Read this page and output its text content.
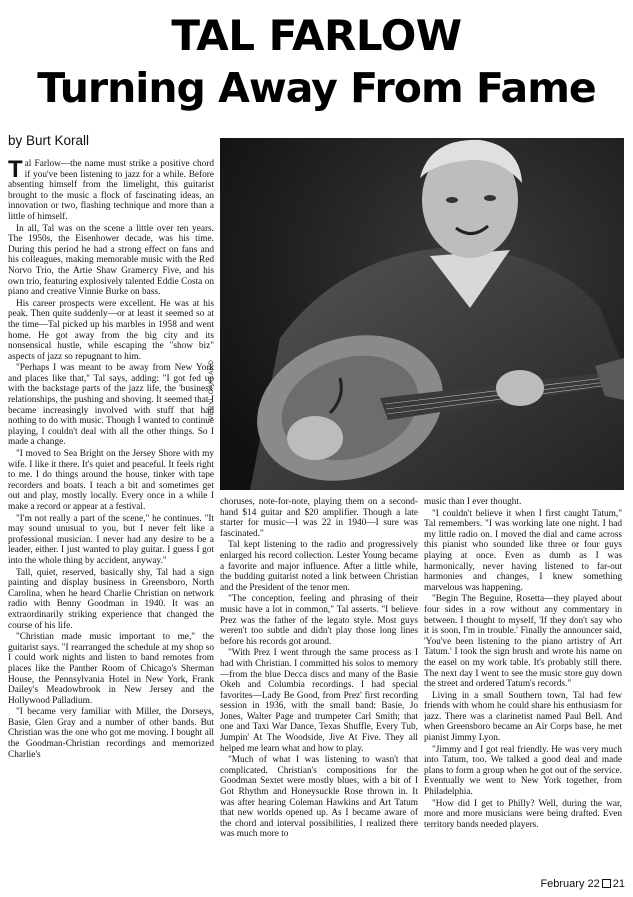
TAL FARLOW
Turning Away From Fame
by Burt Korall

Tal Farlow—the name must strike a positive chord if you've been listening to jazz for a while. Before absenting himself from the limelight, this guitarist brought to the music a flock of fascinating ideas, an innovation or two, flashing technique and more than a little of himself.

In all, Tal was on the scene a little over ten years. The 1950s, the Eisenhower decade, was his time. During this period he had a strong effect on fans and his colleagues, making memorable music with the Red Norvo Trio, the Artie Shaw Gramercy Five, and his own trio, featuring explosively talented Eddie Costa on piano and creative Vinnie Burke on bass.

His career prospects were excellent. He was at his peak. Then quite suddenly—or at least it seemed so at the time—Tal picked up his marbles in 1958 and went home. He got away from the big city and its nonsensical hustle, while escaping the "show biz" aspects of jazz so repugnant to him.

"Perhaps I was meant to be away from New York and places like that," Tal says, adding: "I got fed up with the backstage parts of the jazz life, the 'business' relationships, the pushing and shoving. It seemed that I became increasingly involved with stuff that had nothing to do with music. Though I wanted to continue playing, I couldn't deal with all the other things. So I made a change.

"I moved to Sea Bright on the Jersey Shore with my wife. I like it there. It's quiet and peaceful. It feels right to me. I do things around the house, tinker with tape recorders and boats. I teach a bit and sometimes get out and play, mostly locally. Every once in a while I make a record or appear at a festival.

"I'm not really a part of the scene," he continues. "It may sound unusual to you, but I never felt like a professional musician. I never had any desire to be a leader, either. I just wanted to play guitar. I guess I got into the whole thing by accident, anyway."

Tall, quiet, reserved, basically shy, Tal had a sign painting and display business in Greensboro, North Carolina, when he heard Charlie Christian on network radio with Benny Goodman in 1940. It was an extraordinarily striking experience that changed the course of his life.

"Christian made music important to me," the guitarist says. "I rearranged the schedule at my shop so I could work nights and listen to band remotes from places like the Panther Room of Chicago's Sherman House, the Pennsylvania Hotel in New York, Frank Dailey's Meadowbrook in New Jersey and the Hollywood Palladium.

"I became very familiar with Miller, the Dorseys, Basie, Glen Gray and a number of other bands. But Christian was the one who got me moving. I bought all the Goodman-Christian recordings and memorized Charlie's

VERYL OAKLAND

choruses, note-for-note, playing them on a second-hand $14 guitar and $20 amplifier. Though a late starter for music—I was 22 in 1940—I sure was fascinated."

Tal kept listening to the radio and progressively enlarged his record collection. Lester Young became a favorite and major influence. After a little while, the budding guitarist noted a link between Christian and the President of the tenor men.

"The conception, feeling and phrasing of their music have a lot in common," Tal asserts. "I believe Prez was the father of the legato style. Most guys weren't too subtle and didn't play those long lines before his records got around.

"With Prez I went through the same process as I had with Christian. I committed his solos to memory—from the blue Decca discs and many of the Basie Okeh and Columbia recordings. I had special favorites—Lady Be Good, from Prez' first recording session in 1936, with the small band: Basie, Jo Jones, Walter Page and trumpeter Carl Smith; that one and Taxi War Dance, Texas Shuffle, Every Tub, Jumpin' At The Woodside, Jive At Five. They all helped me learn what and how to play.

"Much of what I was listening to wasn't that complicated. Christian's compositions for the Goodman Sextet were mostly blues, with a bit of I Got Rhythm and Honeysuckle Rose thrown in. It was after hearing Coleman Hawkins and Art Tatum that new worlds opened up. As I became aware of the chord and interval possibilities, I realized there was much more to

music than I ever thought.

"I couldn't believe it when I first caught Tatum," Tal remembers. "I was working late one night. I had my little radio on. I moved the dial and came across this pianist who sounded like three or four guys playing at once. Even as dumb as I was harmonically, never having listened to far-out harmonies and changes, I knew something marvelous was happening.

"Begin The Beguine, Rosetta—they played about four sides in a row without any commentary in between. I thought to myself, 'If they don't say who it is soon, I'm in trouble.' Finally the announcer said, 'You've been listening to the piano artistry of Art Tatum.' I took the sign brush and wrote his name on the easel on my work table. It's probably still there. The next day I went to see the music store guy down the street and ordered Tatum's records."

Living in a small Southern town, Tal had few friends with whom he could share his enthusiasm for jazz. There was a clarinetist named Paul Bell. And when Greensboro became an Air Corps base, he met pianist Jimmy Lyon.

"Jimmy and I got real friendly. He was very much into Tatum, too. We talked a good deal and made plans to form a group when he got out of the service. Eventually we went to New York together, from Philadelphia.

"How did I get to Philly? Well, during the war, more and more musicians were being drafted. Even territory bands needed players.

February 22 21
